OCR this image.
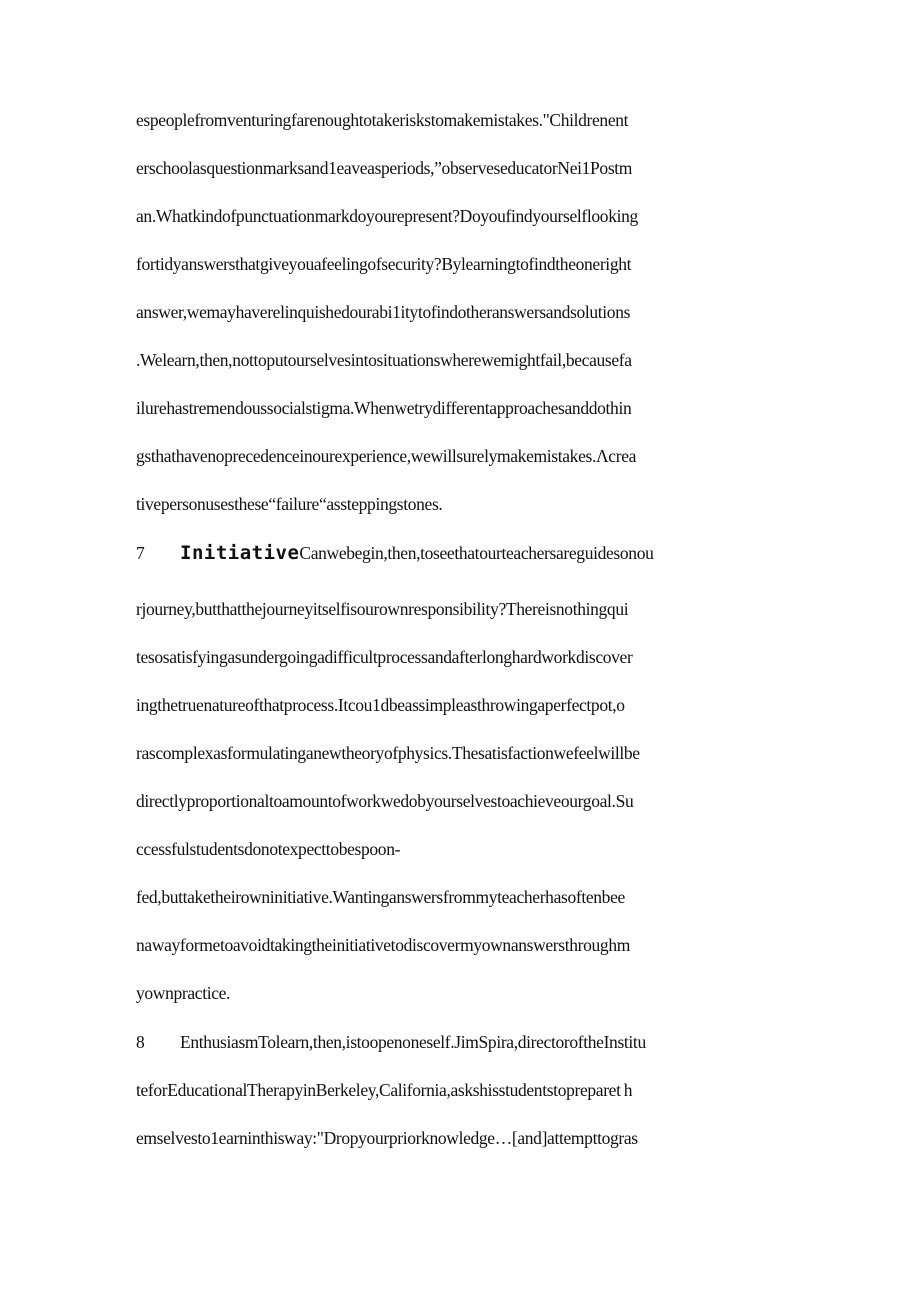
espeoplefromventuringfarenoughtotakeriskstomakemistakes."Childrenent
erschoolasquestionmarksand1eaveasperiods,”observeseducatorNei1Postm
an.Whatkindofpunctuationmarkdoyourepresent?Doyoufindyourselflooking
fortidyanswersthatgiveyouafeelingofsecurity?Bylearningtofindtheoneright
answer,wemayhaverelinquishedourabi1itytofindotheranswersandsolutions
.Welearn,then,nottoputourselvesintosituationswherewemightfail,becausefa
ilurehastremendoussocialstigma.Whenwetrydifferentapproachesanddothin
gsthathavenoprecedenceinourexperience,wewillsurelymakemistakes.Λcrea
tivepersonusesthese“failure“assteppingstones.
7 InitiativeCanwebegin,then,toseethatourteachersareguidesonou
rjourney,butthatthejourneyitselfisourownresponsibility?Thereisnothingqui
tesosatisfyingasundergoingadifficultprocessandafterlonghardworkdiscover
ingthetruenatureofthatprocess.Itcou1dbeassimpleasthrowingaperfectpot,o
rascomplexasformulatinganewtheoryofphysics.Thesatisfactionwefeelwillbe
directlyproportionaltoamountofworkwedobyourselvestoachieveourgoal.Su
ccessfulstudentsdonotexpecttobespoon-
fed,buttaketheirowninitiative.Wantinganswersfrommyteacherhasoftenbee
nawayformetoavoidtakingtheinitiativetodiscovermyownanswersthroughm
yownpractice.
8 EnthusiasmTolearn,then,istoopenoneself.JimSpira,directoroftheInstitu
teforEducationalTherapyinBerkeley,California,askshisstudentstopreparet h
emselvesto1earninthisway:"Dropyourpriorknowledge…[and]attempttogras
